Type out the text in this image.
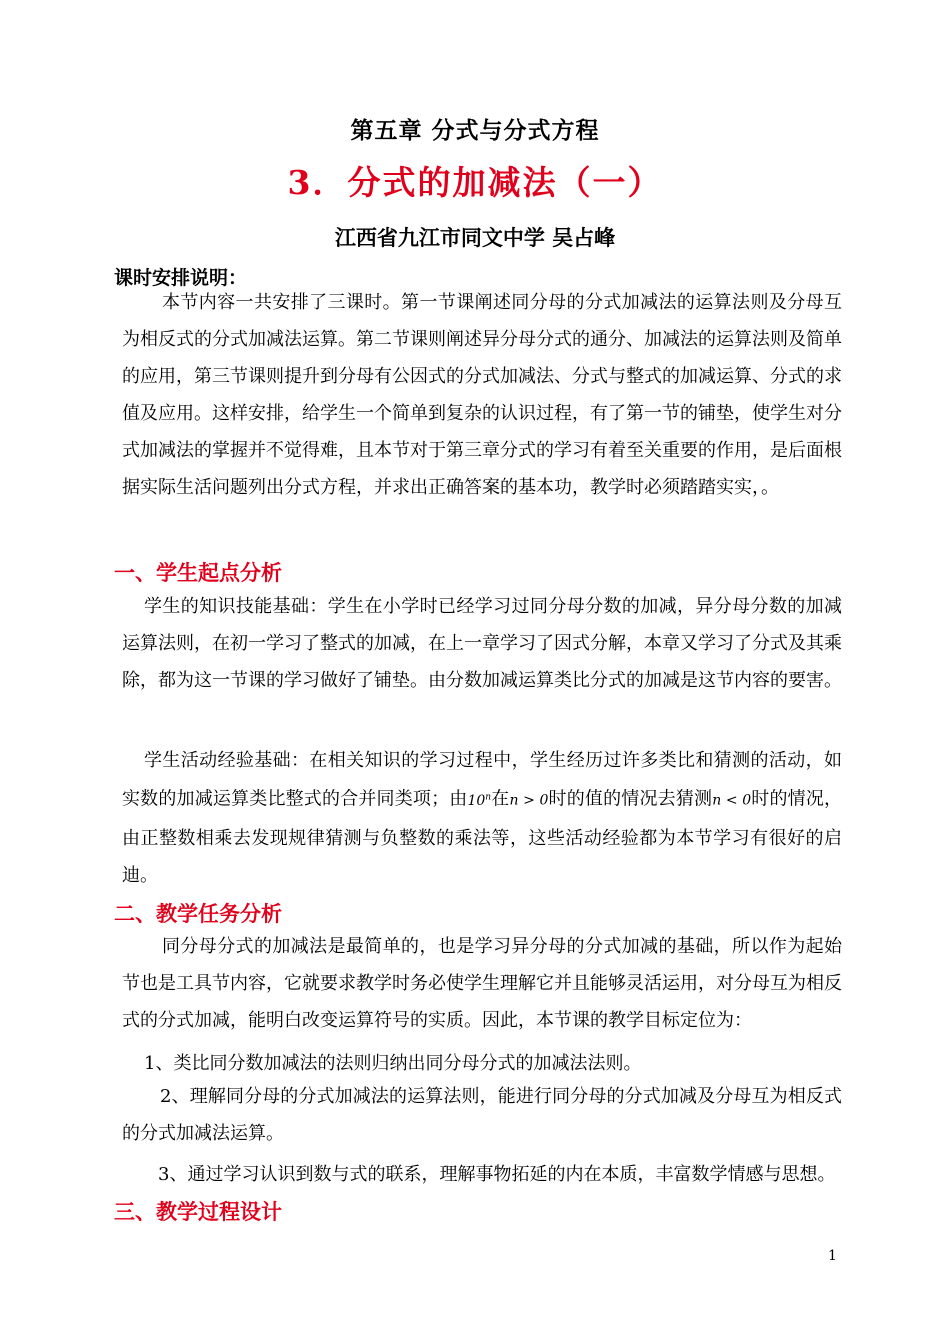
第五章 分式与分式方程
3．分式的加减法（一）
江西省九江市同文中学 吴占峰
课时安排说明：
本节内容一共安排了三课时。第一节课阐述同分母的分式加减法的运算法则及分母互为相反式的分式加减法运算。第二节课则阐述异分母分式的通分、加减法的运算法则及简单的应用，第三节课则提升到分母有公因式的分式加减法、分式与整式的加减运算、分式的求值及应用。这样安排，给学生一个简单到复杂的认识过程，有了第一节的铺垫，使学生对分式加减法的掌握并不觉得难，且本节对于第三章分式的学习有着至关重要的作用，是后面根据实际生活问题列出分式方程，并求出正确答案的基本功，教学时必须踏踏实实，。
一、学生起点分析
学生的知识技能基础：学生在小学时已经学习过同分母分数的加减，异分母分数的加减运算法则，在初一学习了整式的加减，在上一章学习了因式分解，本章又学习了分式及其乘除，都为这一节课的学习做好了铺垫。由分数加减运算类比分式的加减是这节内容的要害。
学生活动经验基础：在相关知识的学习过程中，学生经历过许多类比和猜测的活动，如实数的加减运算类比整式的合并同类项；由10$^n$在n > 0时的值的情况去猜测n < 0时的情况，由正整数相乘去发现规律猜测与负整数的乘法等，这些活动经验都为本节学习有很好的启迪。
二、教学任务分析
同分母分式的加减法是最简单的，也是学习异分母的分式加减的基础，所以作为起始节也是工具节内容，它就要求教学时务必使学生理解它并且能够灵活运用，对分母互为相反式的分式加减，能明白改变运算符号的实质。因此，本节课的教学目标定位为：
1、类比同分数加减法的法则归纳出同分母分式的加减法法则。
2、理解同分母的分式加减法的运算法则，能进行同分母的分式加减及分母互为相反式的分式加减法运算。
3、通过学习认识到数与式的联系，理解事物拓延的内在本质，丰富数学情感与思想。
三、教学过程设计
1
